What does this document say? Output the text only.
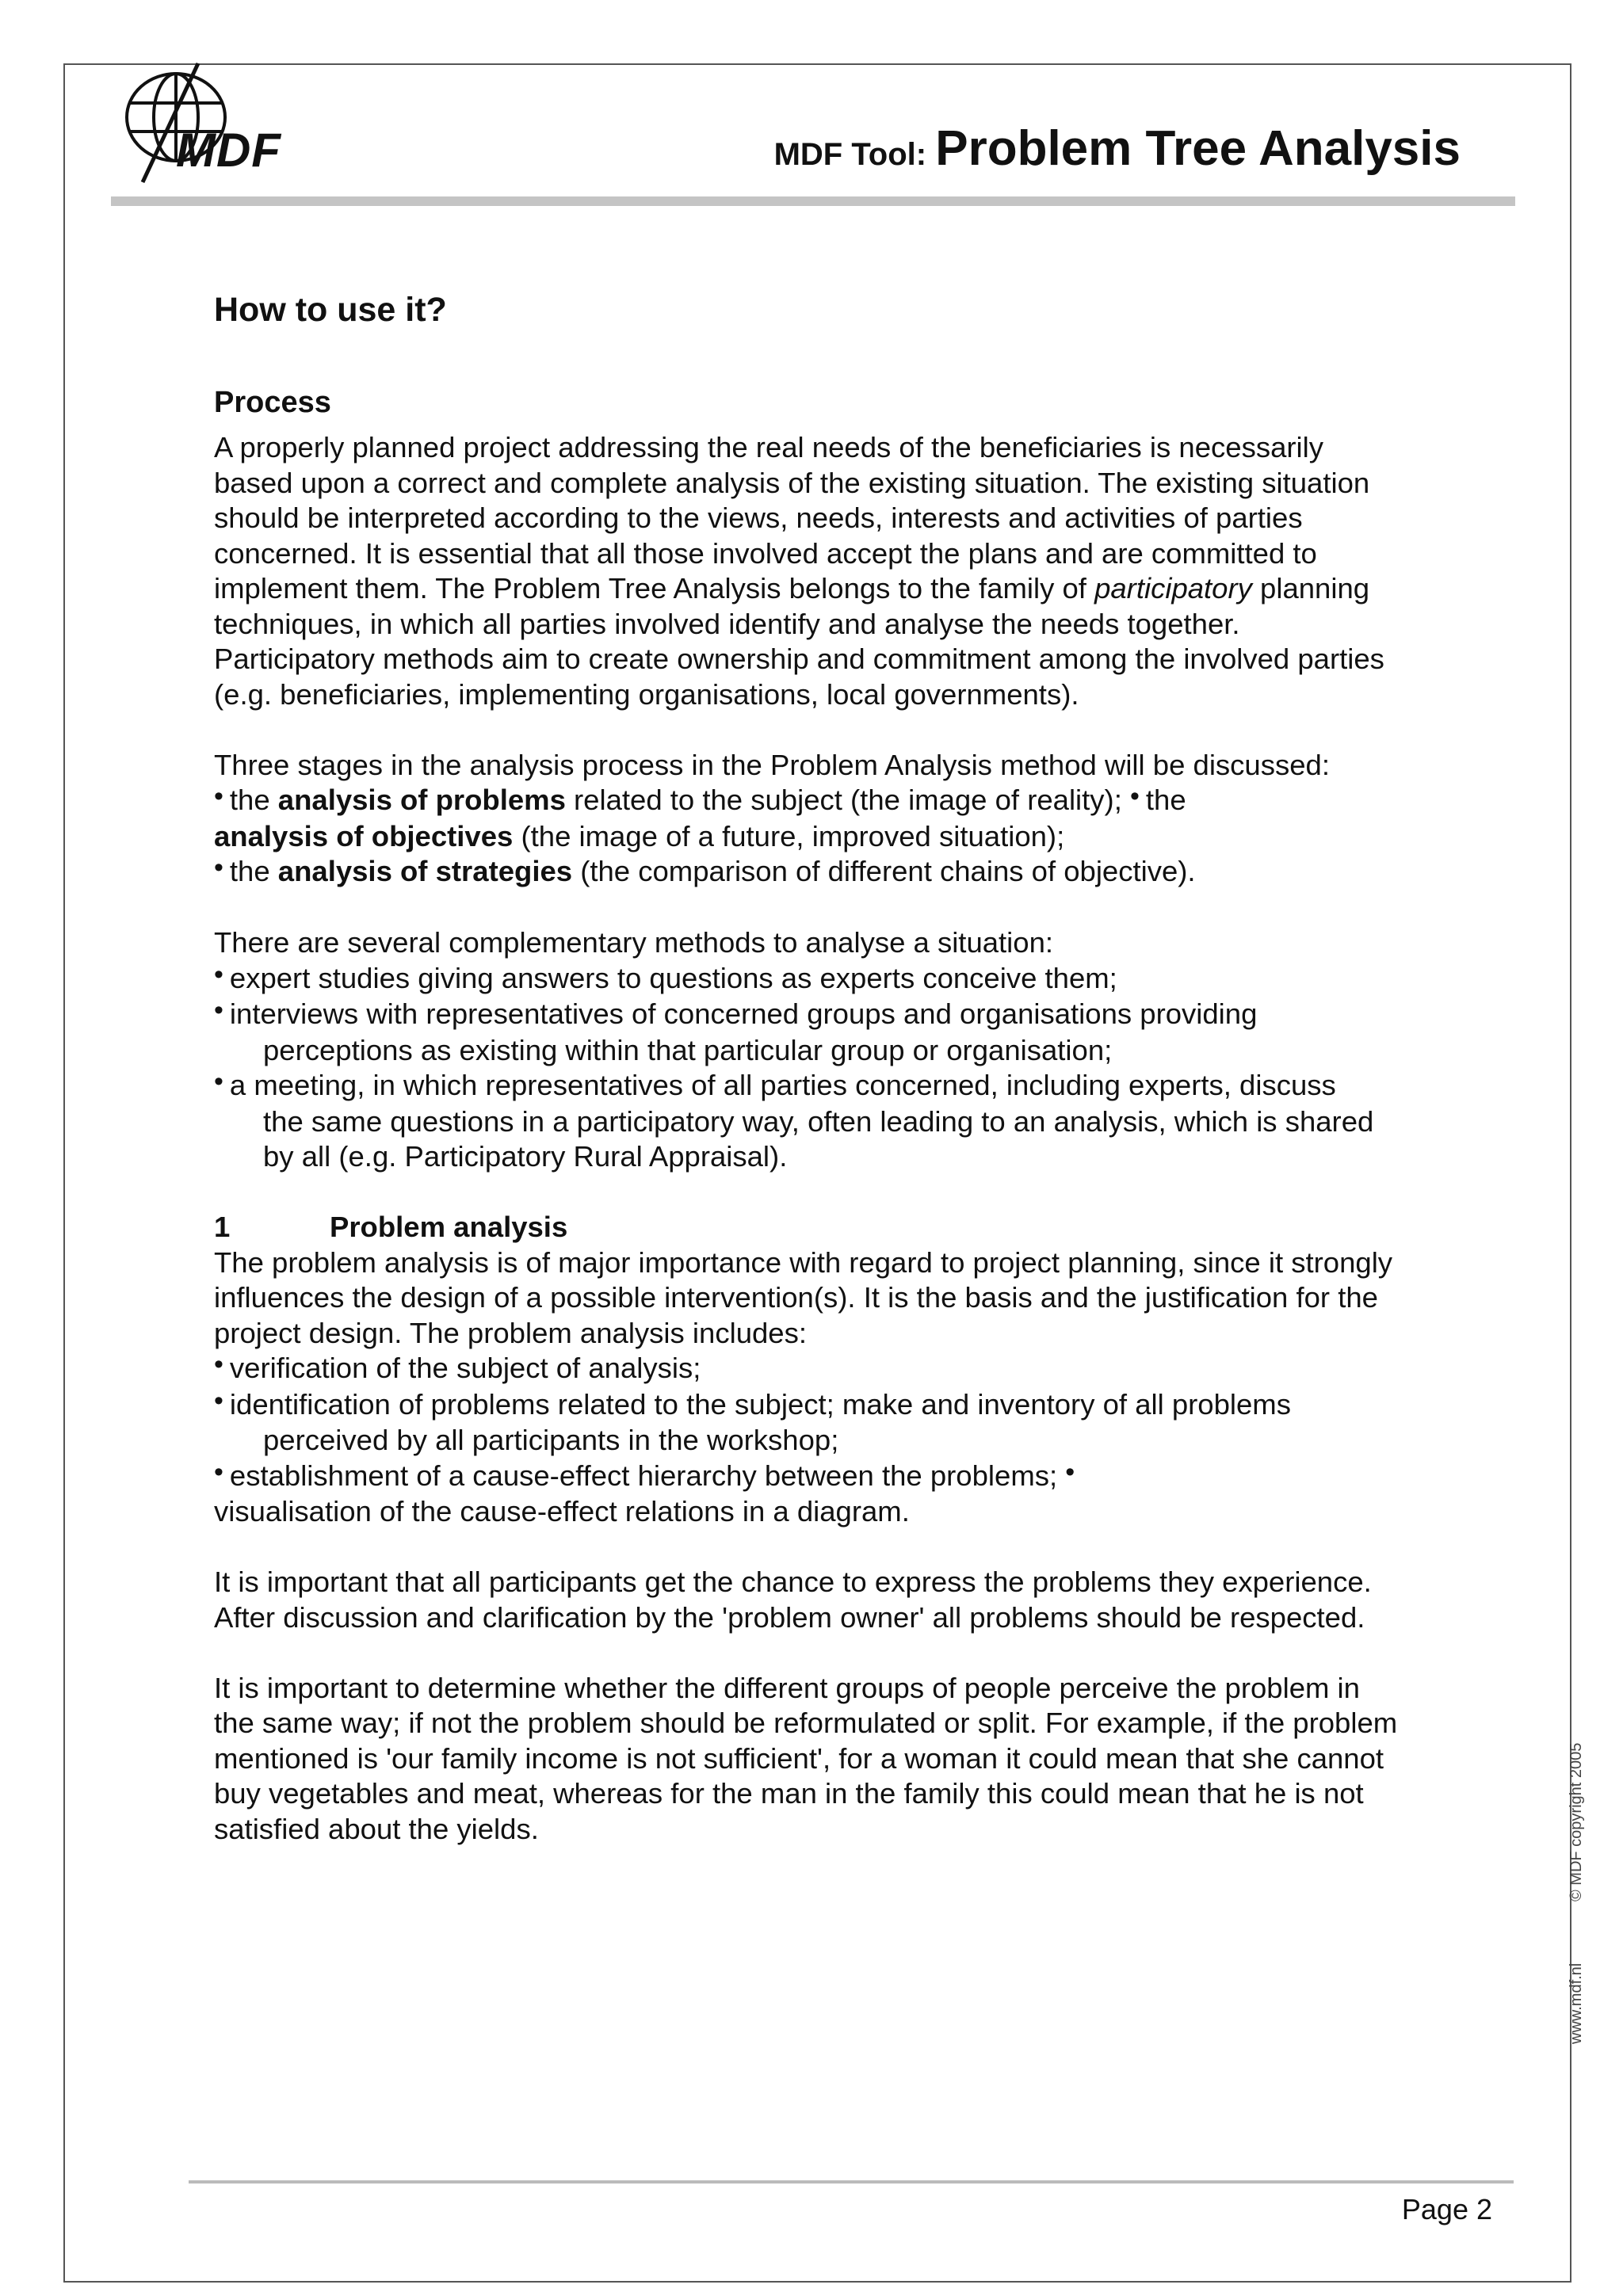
MDF	MDF Tool: Problem Tree Analysis
How to use it?
Process

A properly planned project addressing the real needs of the beneficiaries is necessarily based upon a correct and complete analysis of the existing situation. The existing situation should be interpreted according to the views, needs, interests and activities of parties concerned. It is essential that all those involved accept the plans and are committed to implement them. The Problem Tree Analysis belongs to the family of participatory planning techniques, in which all parties involved identify and analyse the needs together. Participatory methods aim to create ownership and commitment among the involved parties (e.g. beneficiaries, implementing organisations, local governments).

Three stages in the analysis process in the Problem Analysis method will be discussed:

• the analysis of problems related to the subject (the image of reality); • the
analysis of objectives (the image of a future, improved situation);
• the analysis of strategies (the comparison of different chains of objective).

There are several complementary methods to analyse a situation:

• expert studies giving answers to questions as experts conceive them;
• interviews with representatives of concerned groups and organisations providing
perceptions as existing within that particular group or organisation;
• a meeting, in which representatives of all parties concerned, including experts, discuss
the same questions in a participatory way, often leading to an analysis, which is shared
by all (e.g. Participatory Rural Appraisal).

1	Problem analysis

The problem analysis is of major importance with regard to project planning, since it strongly influences the design of a possible intervention(s). It is the basis and the justification for the project design. The problem analysis includes:

• verification of the subject of analysis;
• identification of problems related to the subject; make and inventory of all problems
perceived by all participants in the workshop;
• establishment of a cause-effect hierarchy between the problems; •
visualisation of the cause-effect relations in a diagram.

It is important that all participants get the chance to express the problems they experience. After discussion and clarification by the 'problem owner' all problems should be respected.

It is important to determine whether the different groups of people perceive the problem in the same way; if not the problem should be reformulated or split. For example, if the problem mentioned is 'our family income is not sufficient', for a woman it could mean that she cannot buy vegetables and meat, whereas for the man in the family this could mean that he is not satisfied about the yields.	© MDF copyright 2005
www.mdf.nl
Page 2
